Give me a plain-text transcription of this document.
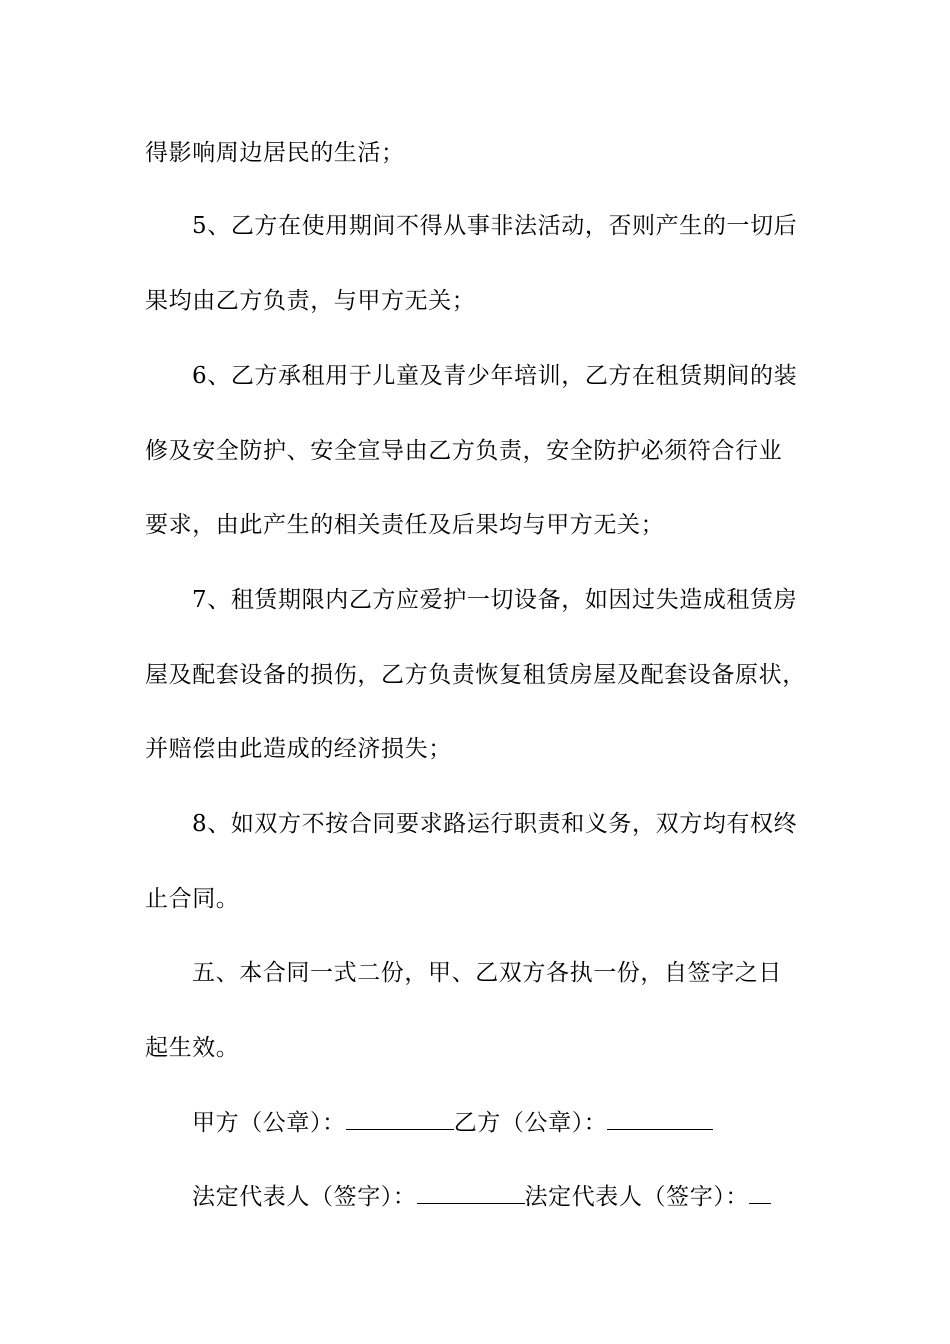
得影响周边居民的生活；
5、乙方在使用期间不得从事非法活动，否则产生的一切后
果均由乙方负责，与甲方无关；
6、乙方承租用于儿童及青少年培训，乙方在租赁期间的装
修及安全防护、安全宣导由乙方负责，安全防护必须符合行业
要求，由此产生的相关责任及后果均与甲方无关；
7、租赁期限内乙方应爱护一切设备，如因过失造成租赁房
屋及配套设备的损伤，乙方负责恢复租赁房屋及配套设备原状，
并赔偿由此造成的经济损失；
8、如双方不按合同要求路运行职责和义务，双方均有权终
止合同。
五、本合同一式二份，甲、乙双方各执一份，自签字之日
起生效。
甲方（公章）：	乙方（公章）：
法定代表人（签字）：	法定代表人（签字）：
